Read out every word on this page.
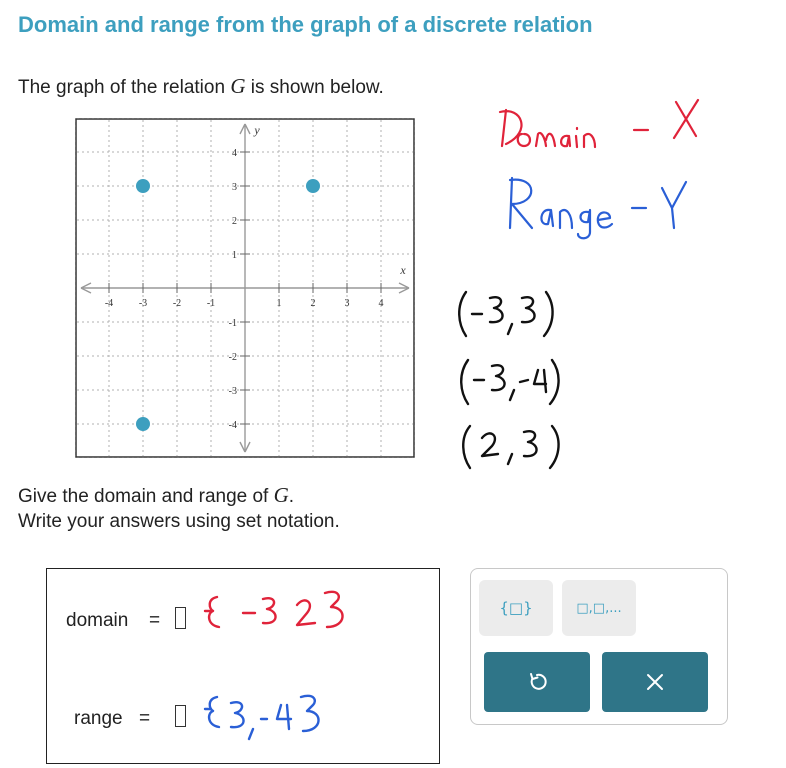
Domain and range from the graph of a discrete relation
The graph of the relation G is shown below.
-4	-3	-2	-1	1	2	3	4
4
3
2
1
-1
-2
-3
-4
x
y
Give the domain and range of G.
Write your answers using set notation.
domain =
range =
{□}	□,□,...
